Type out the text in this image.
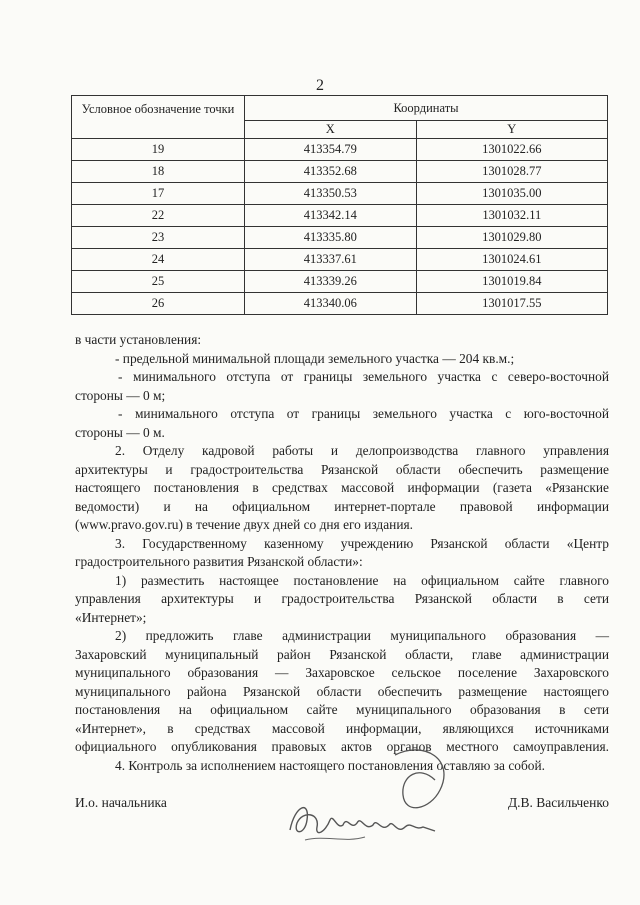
2
Условное обозначение точки	Координаты	
	X	Y
19	413354.79	1301022.66
18	413352.68	1301028.77
17	413350.53	1301035.00
22	413342.14	1301032.11
23	413335.80	1301029.80
24	413337.61	1301024.61
25	413339.26	1301019.84
26	413340.06	1301017.55
в части установления:
- предельной минимальной площади земельного участка — 204 кв.м.;
- минимального отступа от границы земельного участка с северо-восточной
стороны — 0 м;
- минимального отступа от границы земельного участка с юго-восточной
стороны — 0 м.
2. Отделу кадровой работы и делопроизводства главного управления
архитектуры и градостроительства Рязанской области обеспечить размещение
настоящего постановления в средствах массовой информации (газета «Рязанские
ведомости) и на официальном интернет-портале правовой информации
(www.pravo.gov.ru) в течение двух дней со дня его издания.
3. Государственному казенному учреждению Рязанской области «Центр
градостроительного развития Рязанской области»:
1) разместить настоящее постановление на официальном сайте главного
управления архитектуры и градостроительства Рязанской области в сети
«Интернет»;
2) предложить главе администрации муниципального образования —
Захаровский муниципальный район Рязанской области, главе администрации
муниципального образования — Захаровское сельское поселение Захаровского
муниципального района Рязанской области обеспечить размещение настоящего
постановления на официальном сайте муниципального образования в сети
«Интернет», в средствах массовой информации, являющихся источниками
официального опубликования правовых актов органов местного самоуправления.
4. Контроль за исполнением настоящего постановления оставляю за собой.
И.о. начальника	Д.В. Васильченко
